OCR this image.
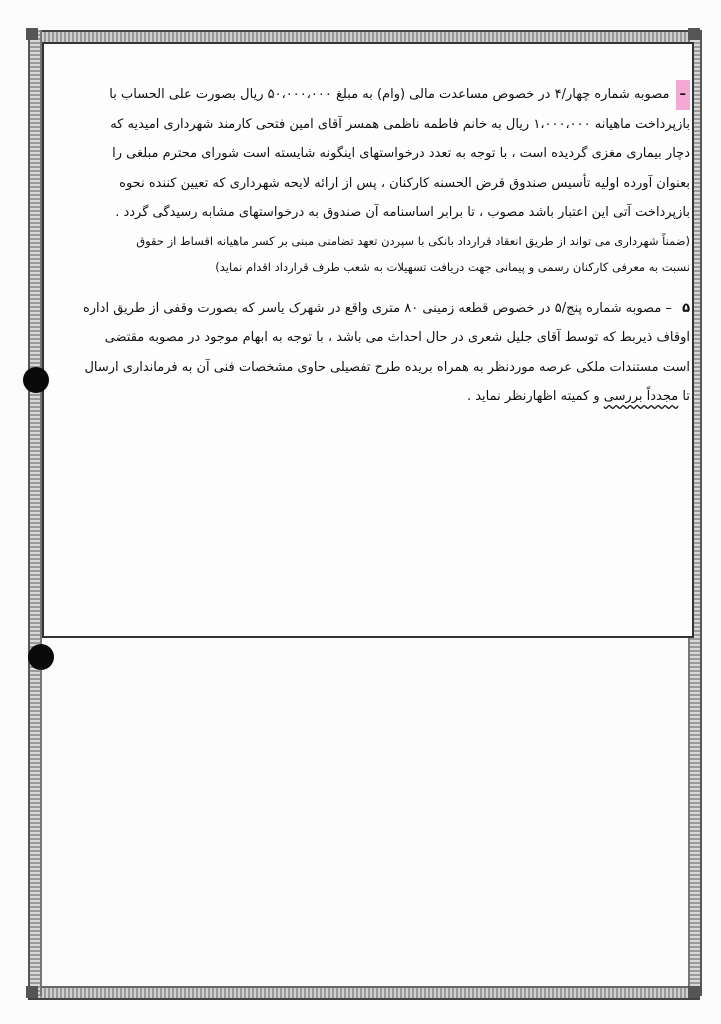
–مصوبه شماره چهار/۴ در خصوص مساعدت مالی (وام) به مبلغ ۵۰،۰۰۰،۰۰۰ ریال بصورت علی الحساب با
بازپرداخت ماهیانه ۱،۰۰۰،۰۰۰ ریال به خانم فاطمه ناظمی همسر آقای امین فتحی کارمند شهرداری امیدیه که
دچار بیماری مغزی گردیده است ، با توجه به تعدد درخواستهای اینگونه شایسته است شورای محترم مبلغی را
بعنوان آورده اولیه تأسیس صندوق قرض الحسنه کارکنان ، پس از ارائه لایحه شهرداری که تعیین کننده نحوه
بازپرداخت آتی این اعتبار باشد مصوب ، تا برابر اساسنامه آن صندوق به درخواستهای مشابه رسیدگی گردد .
(ضمناً شهرداری می تواند از طریق انعقاد قرارداد بانکی با سپردن تعهد تضامنی مبنی بر کسر ماهیانه اقساط از حقوق
نسبت به معرفی کارکنان رسمی و پیمانی جهت دریافت تسهیلات به شعب طرف قرارداد اقدام نماید)
۵ – مصوبه شماره پنج/۵ در خصوص قطعه زمینی ۸۰ متری واقع در شهرک یاسر که بصورت وقفی از طریق اداره
اوقاف ذیربط که توسط آقای جلیل شعری در حال احداث می باشد ، با توجه به ابهام موجود در مصوبه مقتضی
است مستندات ملکی عرصه موردنظر به همراه بریده طرح تفصیلی حاوی مشخصات فنی آن به فرمانداری ارسال
تا مجدداً بررسی و کمیته اظهارنظر نماید .
